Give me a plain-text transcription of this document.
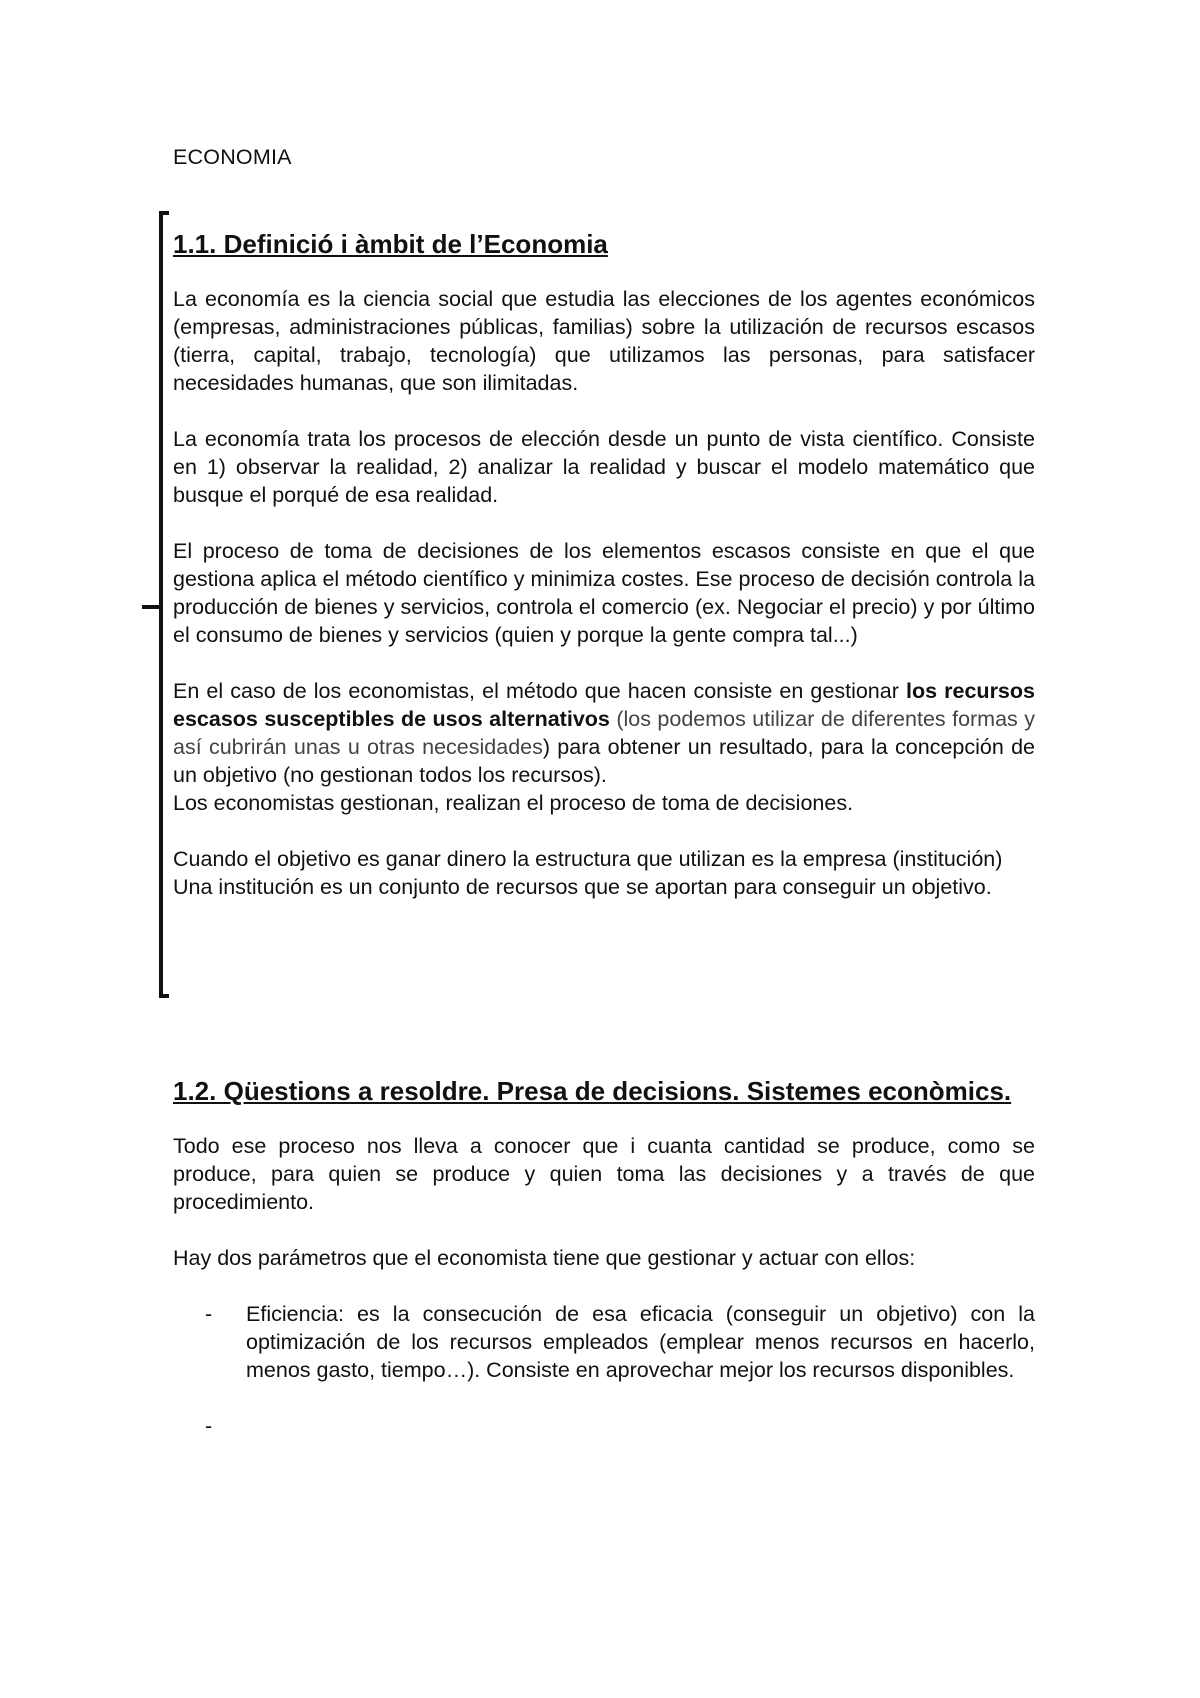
ECONOMIA
1.1. Definició i àmbit de l’Economia

La economía es la ciencia social que estudia las elecciones de los agentes económicos (empresas, administraciones públicas, familias) sobre la utilización de recursos escasos (tierra, capital, trabajo, tecnología) que utilizamos las personas, para satisfacer necesidades humanas, que son ilimitadas.

La economía trata los procesos de elección desde un punto de vista científico. Consiste en 1) observar la realidad, 2) analizar la realidad y buscar el modelo matemático que busque el porqué de esa realidad.

El proceso de toma de decisiones de los elementos escasos consiste en que el que gestiona aplica el método científico y minimiza costes. Ese proceso de decisión controla la producción de bienes y servicios, controla el comercio (ex. Negociar el precio) y por último el consumo de bienes y servicios (quien y porque la gente compra tal...)

En el caso de los economistas, el método que hacen consiste en gestionar los recursos escasos susceptibles de usos alternativos (los podemos utilizar de diferentes formas y así cubrirán unas u otras necesidades) para obtener un resultado, para la concepción de un objetivo (no gestionan todos los recursos).

Los economistas gestionan, realizan el proceso de toma de decisiones.

Cuando el objetivo es ganar dinero la estructura que utilizan es la empresa (institución)

Una institución es un conjunto de recursos que se aportan para conseguir un objetivo.

1.2. Qüestions a resoldre. Presa de decisions. Sistemes econòmics.

Todo ese proceso nos lleva a conocer que i cuanta cantidad se produce, como se produce, para quien se produce y quien toma las decisiones y a través de que procedimiento.

Hay dos parámetros que el economista tiene que gestionar y actuar con ellos:

- Eficiencia: es la consecución de esa eficacia (conseguir un objetivo) con la optimización de los recursos empleados (emplear menos recursos en hacerlo, menos gasto, tiempo…). Consiste en aprovechar mejor los recursos disponibles.
-
